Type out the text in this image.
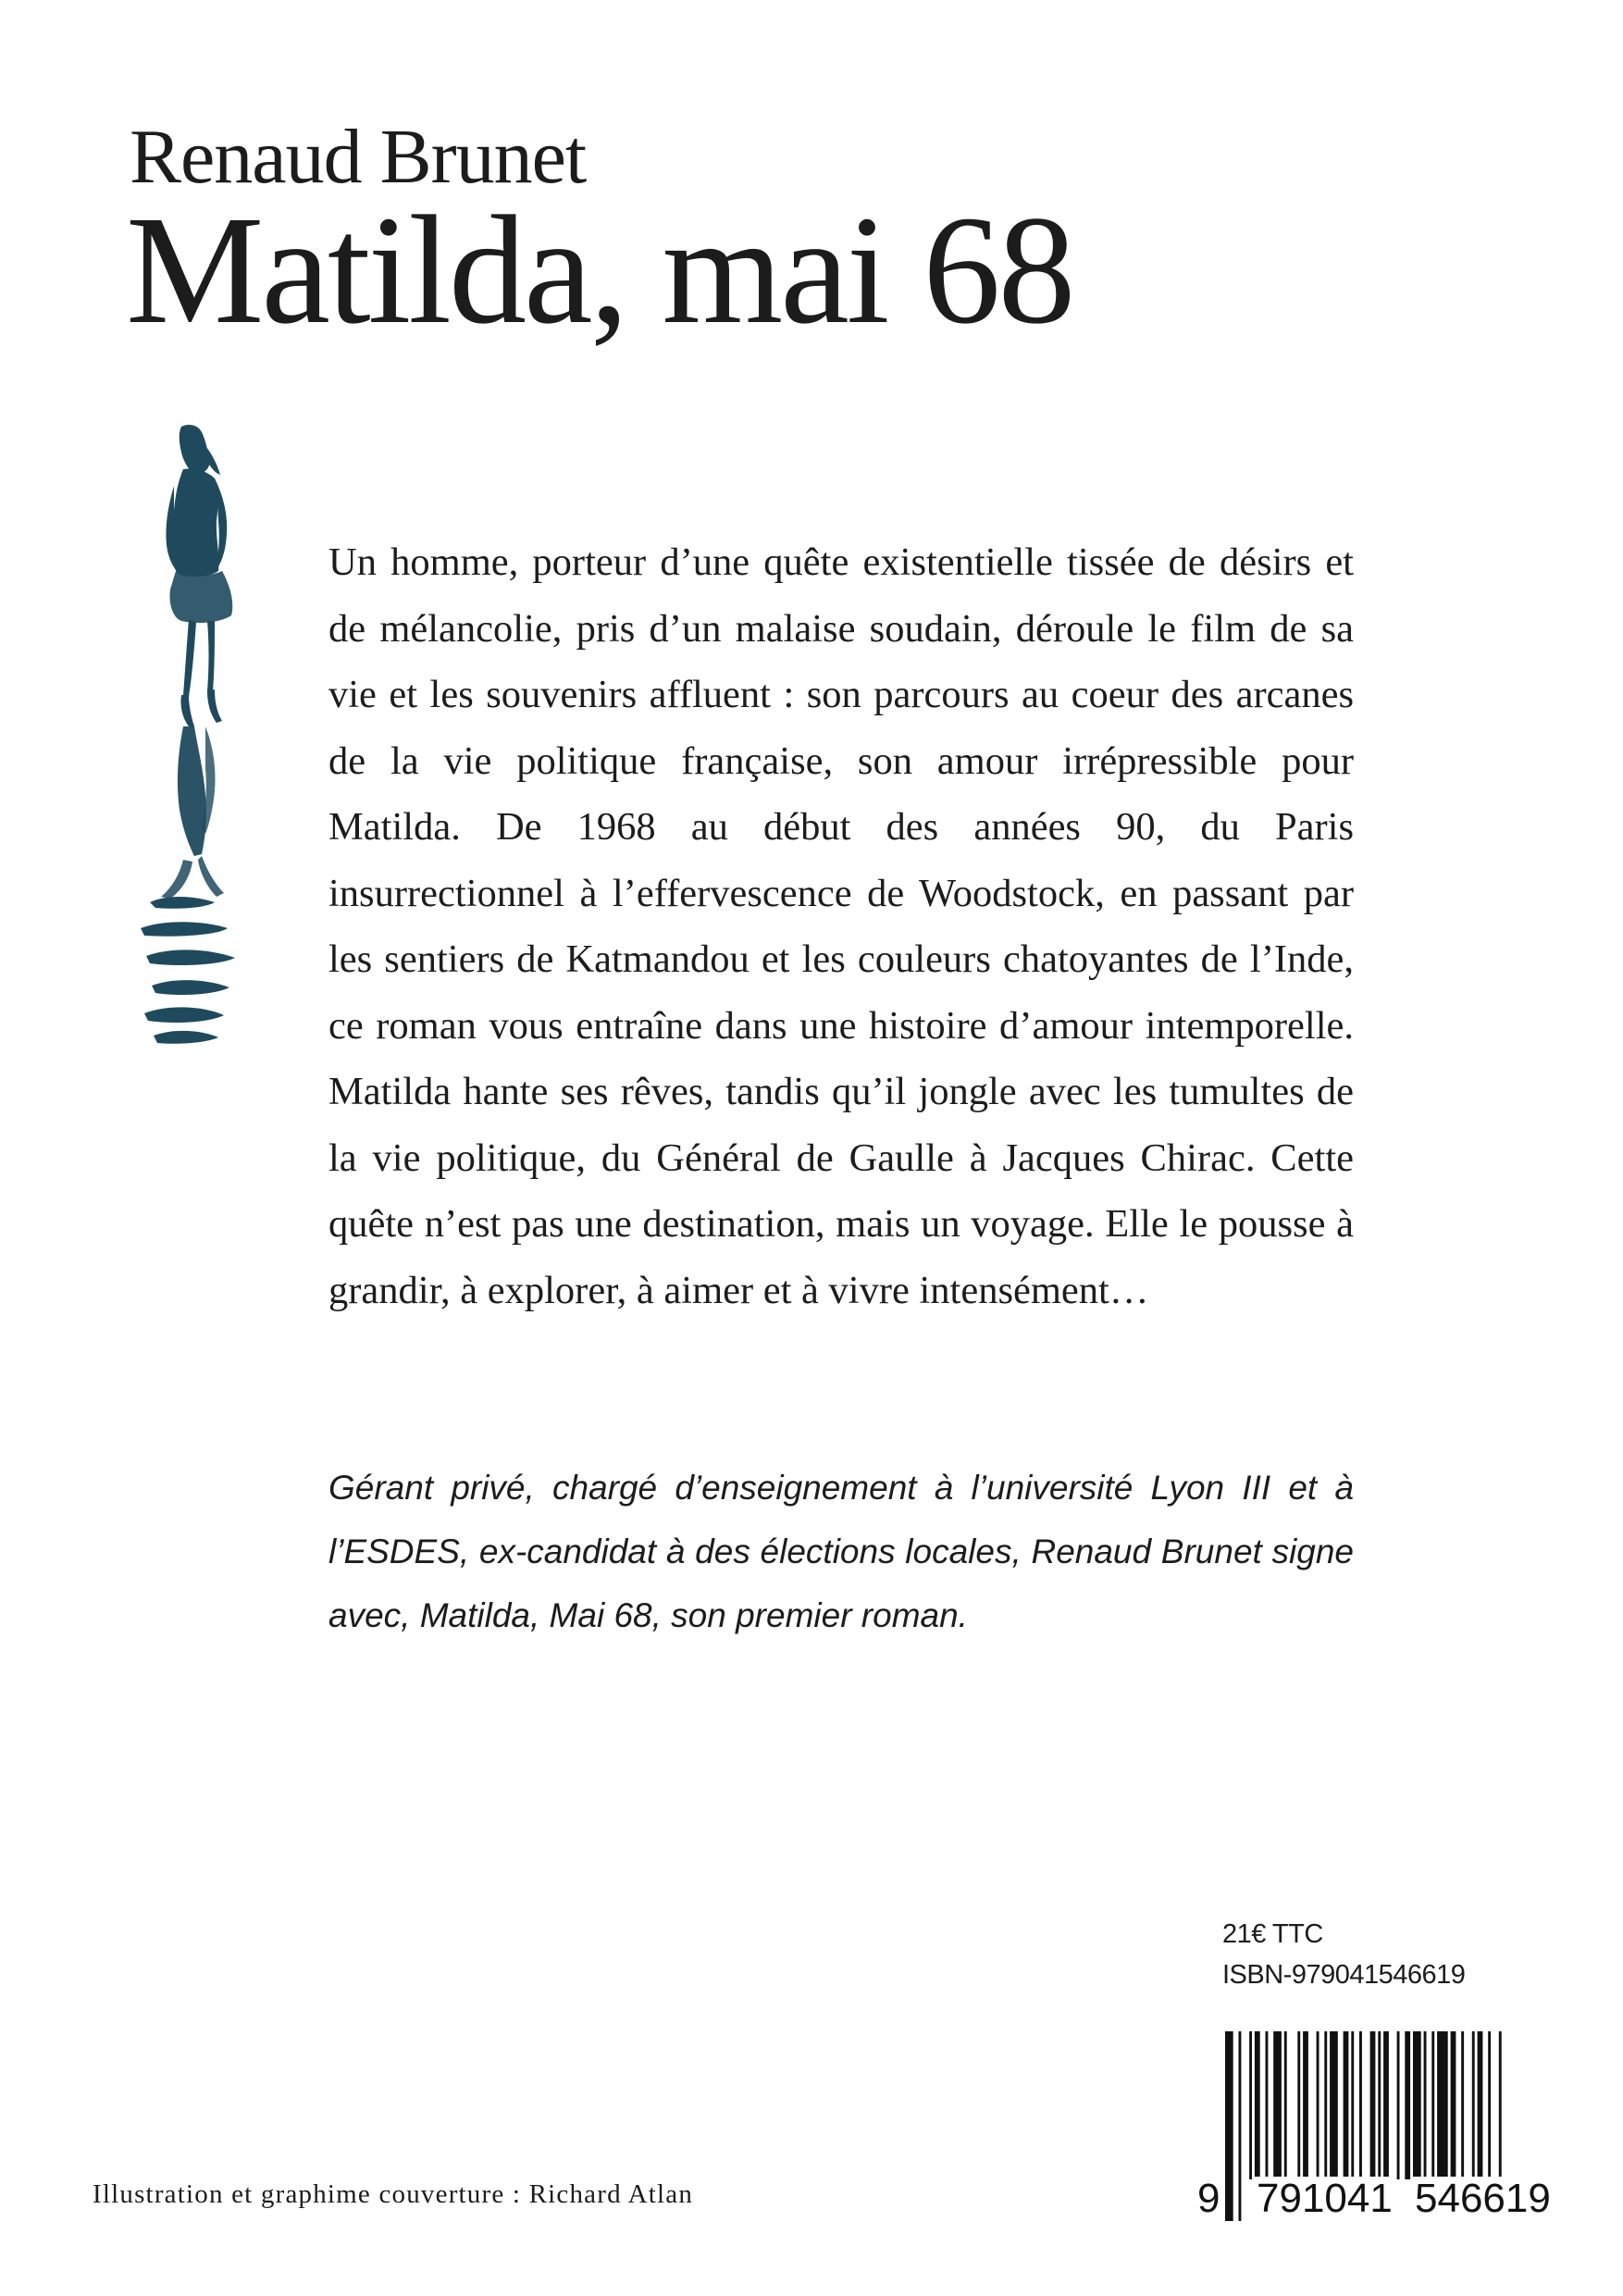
Renaud Brunet
Matilda, mai 68

Un homme, porteur d’une quête existentielle tissée de désirs et de mélancolie, pris d’un malaise soudain, déroule le film de sa vie et les souvenirs affluent : son parcours au coeur des arcanes de la vie politique française, son amour irrépressible pour Matilda. De 1968 au début des années 90, du Paris insurrectionnel à l’effervescence de Woodstock, en passant par les sentiers de Katmandou et les couleurs chatoyantes de l’Inde, ce roman vous entraîne dans une histoire d’amour intemporelle. Matilda hante ses rêves, tandis qu’il jongle avec les tumultes de la vie politique, du Général de Gaulle à Jacques Chirac. Cette quête n’est pas une destination, mais un voyage. Elle le pousse à grandir, à explorer, à aimer et à vivre intensément…

Gérant privé, chargé d’enseignement à l’université Lyon III et à l’ESDES, ex-candidat à des élections locales, Renaud Brunet signe avec, Matilda, Mai 68, son premier roman.

21€ TTC
ISBN-979041546619
9 791041 546619
Illustration et graphime couverture : Richard Atlan
